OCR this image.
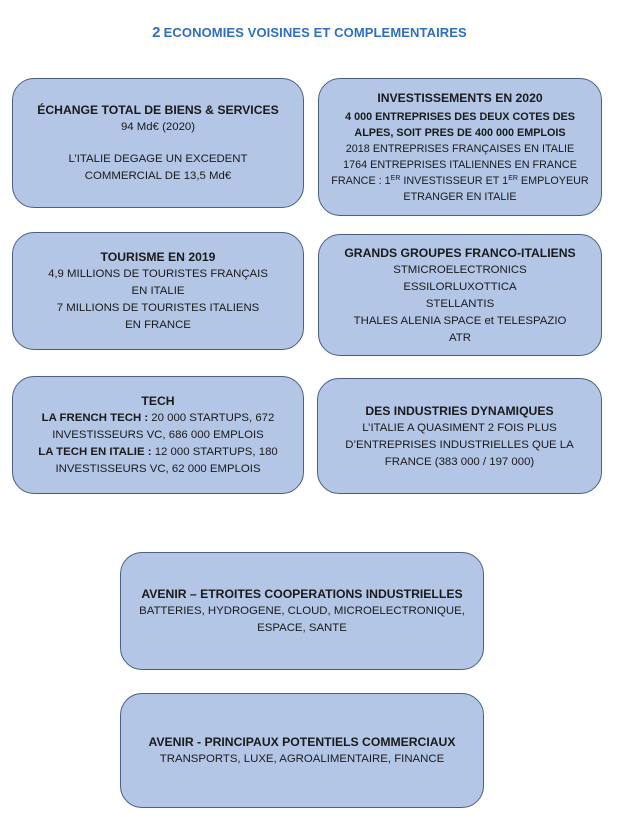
2 ECONOMIES VOISINES ET COMPLEMENTAIRES
ÉCHANGE TOTAL DE BIENS & SERVICES
94 Md€ (2020)
L’ITALIE DEGAGE UN EXCEDENT
COMMERCIAL DE 13,5 Md€
INVESTISSEMENTS EN 2020
4 000 ENTREPRISES DES DEUX COTES DES
ALPES, SOIT PRES DE 400 000 EMPLOIS
2018 ENTREPRISES FRANÇAISES EN ITALIE
1764 ENTREPRISES ITALIENNES EN FRANCE
FRANCE : 1ER INVESTISSEUR ET 1ER EMPLOYEUR
ETRANGER EN ITALIE
TOURISME EN 2019
4,9 MILLIONS DE TOURISTES FRANÇAIS
EN ITALIE
7 MILLIONS DE TOURISTES ITALIENS
EN FRANCE
GRANDS GROUPES FRANCO-ITALIENS
STMICROELECTRONICS
ESSILORLUXOTTICA
STELLANTIS
THALES ALENIA SPACE et TELESPAZIO
ATR
TECH
LA FRENCH TECH : 20 000 STARTUPS, 672
INVESTISSEURS VC, 686 000 EMPLOIS
LA TECH EN ITALIE : 12 000 STARTUPS, 180
INVESTISSEURS VC, 62 000 EMPLOIS
DES INDUSTRIES DYNAMIQUES
L’ITALIE A QUASIMENT 2 FOIS PLUS
D’ENTREPRISES INDUSTRIELLES QUE LA
FRANCE (383 000 / 197 000)
AVENIR – ETROITES COOPERATIONS INDUSTRIELLES
BATTERIES, HYDROGENE, CLOUD, MICROELECTRONIQUE,
ESPACE, SANTE
AVENIR - PRINCIPAUX POTENTIELS COMMERCIAUX
TRANSPORTS, LUXE, AGROALIMENTAIRE, FINANCE
